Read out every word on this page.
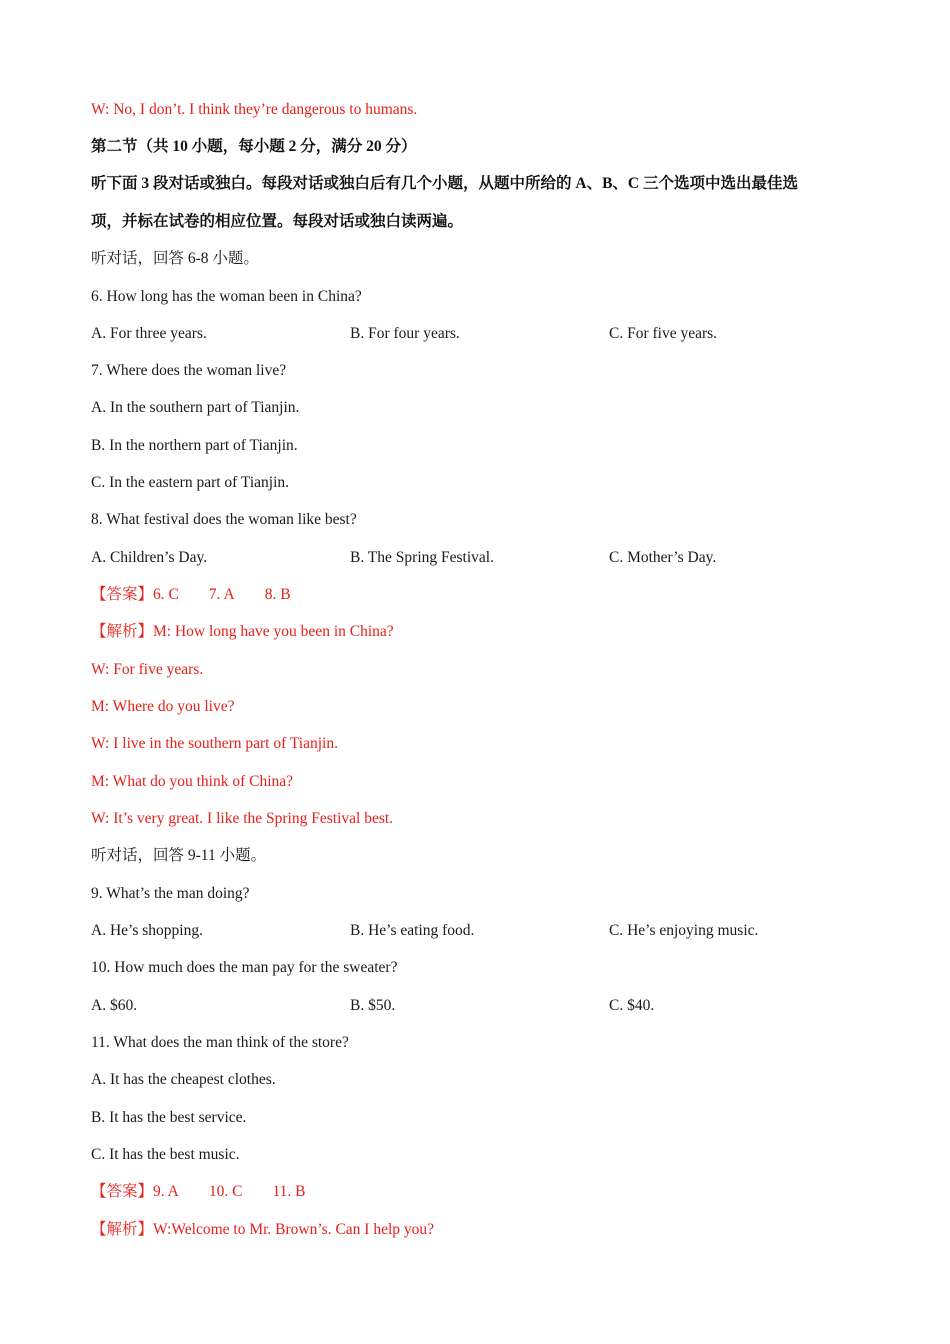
W: No, I don’t. I think they’re dangerous to humans.
第二节（共 10 小题，每小题 2 分，满分 20 分）
听下面 3 段对话或独白。每段对话或独白后有几个小题，从题中所给的 A、B、C 三个选项中选出最佳选
项，并标在试卷的相应位置。每段对话或独白读两遍。
听对话，回答 6-8 小题。
6. How long has the woman been in China?
A. For three years.	B. For four years.	C. For five years.
7. Where does the woman live?
A. In the southern part of Tianjin.
B. In the northern part of Tianjin.
C. In the eastern part of Tianjin.
8. What festival does the woman like best?
A. Children’s Day.	B. The Spring Festival.	C. Mother’s Day.
【答案】6. C 7. A 8. B
【解析】M: How long have you been in China?
W: For five years.
M: Where do you live?
W: I live in the southern part of Tianjin.
M: What do you think of China?
W: It’s very great. I like the Spring Festival best.
听对话，回答 9-11 小题。
9. What’s the man doing?
A. He’s shopping.	B. He’s eating food.	C. He’s enjoying music.
10. How much does the man pay for the sweater?
A. $60.	B. $50.	C. $40.
11. What does the man think of the store?
A. It has the cheapest clothes.
B. It has the best service.
C. It has the best music.
【答案】9. A 10. C 11. B
【解析】W:Welcome to Mr. Brown’s. Can I help you?
